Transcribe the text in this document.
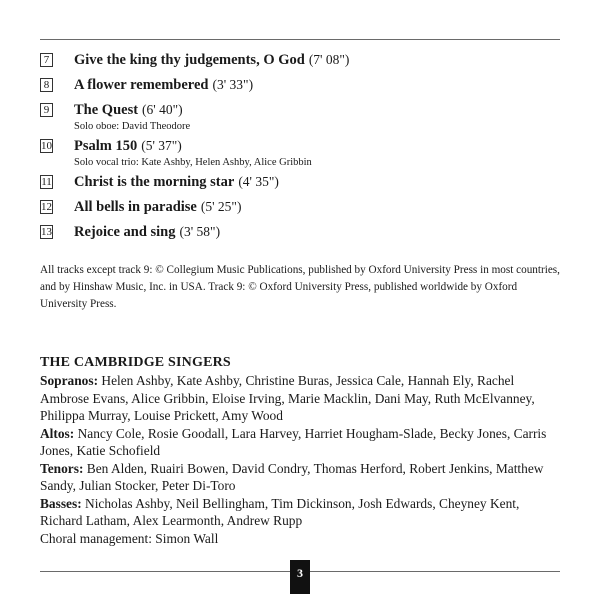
7 Give the king thy judgements, O God (7' 08")
8 A flower remembered (3' 33")
9 The Quest (6' 40")
Solo oboe: David Theodore
10 Psalm 150 (5' 37")
Solo vocal trio: Kate Ashby, Helen Ashby, Alice Gribbin
11 Christ is the morning star (4' 35")
12 All bells in paradise (5' 25")
13 Rejoice and sing (3' 58")
All tracks except track 9: © Collegium Music Publications, published by Oxford University Press in most countries, and by Hinshaw Music, Inc. in USA. Track 9: © Oxford University Press, published worldwide by Oxford University Press.
THE CAMBRIDGE SINGERS
Sopranos: Helen Ashby, Kate Ashby, Christine Buras, Jessica Cale, Hannah Ely, Rachel Ambrose Evans, Alice Gribbin, Eloise Irving, Marie Macklin, Dani May, Ruth McElvanney, Philippa Murray, Louise Prickett, Amy Wood
Altos: Nancy Cole, Rosie Goodall, Lara Harvey, Harriet Hougham-Slade, Becky Jones, Carris Jones, Katie Schofield
Tenors: Ben Alden, Ruairi Bowen, David Condry, Thomas Herford, Robert Jenkins, Matthew Sandy, Julian Stocker, Peter Di-Toro
Basses: Nicholas Ashby, Neil Bellingham, Tim Dickinson, Josh Edwards, Cheyney Kent, Richard Latham, Alex Learmonth, Andrew Rupp
Choral management: Simon Wall
3
